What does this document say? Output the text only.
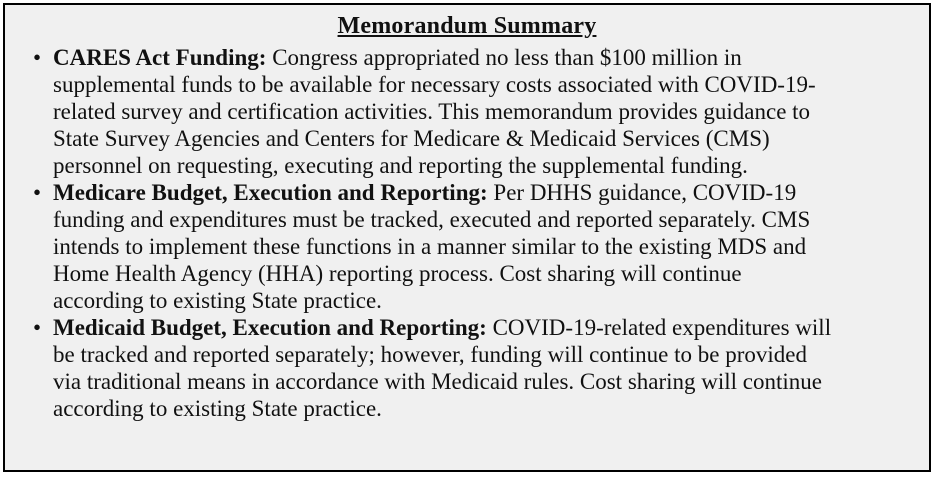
Memorandum Summary
• CARES Act Funding: Congress appropriated no less than $100 million in supplemental funds to be available for necessary costs associated with COVID-19-related survey and certification activities. This memorandum provides guidance to State Survey Agencies and Centers for Medicare & Medicaid Services (CMS) personnel on requesting, executing and reporting the supplemental funding.
• Medicare Budget, Execution and Reporting: Per DHHS guidance, COVID-19 funding and expenditures must be tracked, executed and reported separately. CMS intends to implement these functions in a manner similar to the existing MDS and Home Health Agency (HHA) reporting process. Cost sharing will continue according to existing State practice.
• Medicaid Budget, Execution and Reporting: COVID-19-related expenditures will be tracked and reported separately; however, funding will continue to be provided via traditional means in accordance with Medicaid rules. Cost sharing will continue according to existing State practice.
